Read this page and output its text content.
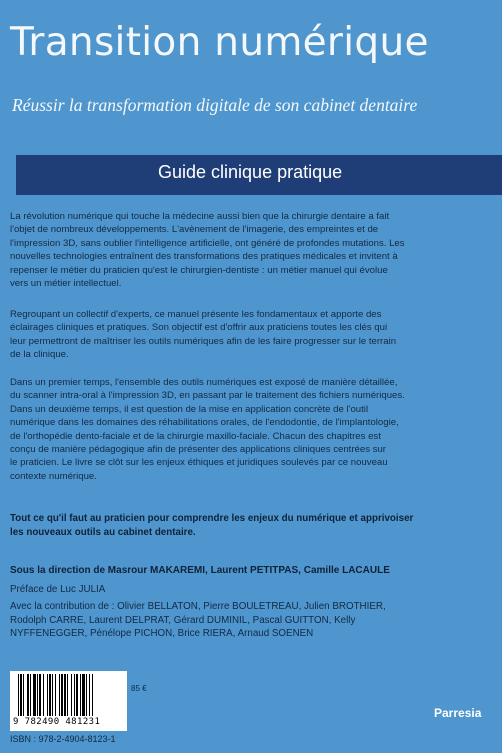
Transition numérique
Réussir la transformation digitale de son cabinet dentaire
Guide clinique pratique
La révolution numérique qui touche la médecine aussi bien que la chirurgie dentaire a fait
l'objet de nombreux développements. L'avènement de l'imagerie, des empreintes et de
l'impression 3D, sans oublier l'intelligence artificielle, ont généré de profondes mutations. Les
nouvelles technologies entraînent des transformations des pratiques médicales et invitent à
repenser le métier du praticien qu'est le chirurgien-dentiste : un métier manuel qui évolue
vers un métier intellectuel.
Regroupant un collectif d'experts, ce manuel présente les fondamentaux et apporte des
éclairages cliniques et pratiques. Son objectif est d'offrir aux praticiens toutes les clés qui
leur permettront de maîtriser les outils numériques afin de les faire progresser sur le terrain
de la clinique.
Dans un premier temps, l'ensemble des outils numériques est exposé de manière détaillée,
du scanner intra-oral à l'impression 3D, en passant par le traitement des fichiers numériques.
Dans un deuxième temps, il est question de la mise en application concrète de l'outil
numérique dans les domaines des réhabilitations orales, de l'endodontie, de l'implantologie,
de l'orthopédie dento-faciale et de la chirurgie maxillo-faciale. Chacun des chapitres est
conçu de manière pédagogique afin de présenter des applications cliniques centrées sur
le praticien. Le livre se clôt sur les enjeux éthiques et juridiques soulevés par ce nouveau
contexte numérique.
Tout ce qu'il faut au praticien pour comprendre les enjeux du numérique et apprivoiser
les nouveaux outils au cabinet dentaire.
Sous la direction de Masrour MAKAREMI, Laurent PETITPAS, Camille LACAULE
Préface de Luc JULIA
Avec la contribution de : Olivier BELLATON, Pierre BOULETREAU, Julien BROTHIER,
Rodolph CARRE, Laurent DELPRAT, Gérard DUMINIL, Pascal GUITTON, Kelly
NYFFENEGGER, Pénélope PICHON, Brice RIERA, Arnaud SOENEN
9 782490 481231
85 €
ISBN : 978-2-4904-8123-1
Parresia
